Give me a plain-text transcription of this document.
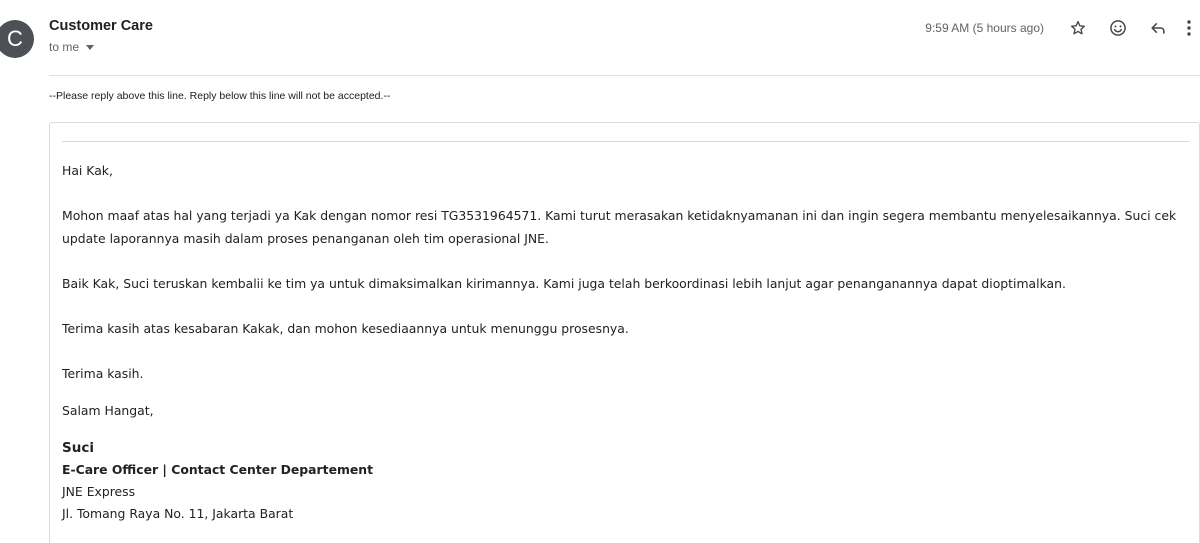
C	Customer Care
to me
9:59 AM (5 hours ago)
--Please reply above this line. Reply below this line will not be accepted.--

Hai Kak,

Mohon maaf atas hal yang terjadi ya Kak dengan nomor resi TG3531964571. Kami turut merasakan ketidaknyamanan ini dan ingin segera membantu menyelesaikannya. Suci cek update laporannya masih dalam proses penanganan oleh tim operasional JNE.

Baik Kak, Suci teruskan kembalii ke tim ya untuk dimaksimalkan kirimannya. Kami juga telah berkoordinasi lebih lanjut agar penanganannya dapat dioptimalkan.

Terima kasih atas kesabaran Kakak, dan mohon kesediaannya untuk menunggu prosesnya.

Terima kasih.

Salam Hangat,

Suci
E-Care Officer | Contact Center Departement
JNE Express
Jl. Tomang Raya No. 11, Jakarta Barat
